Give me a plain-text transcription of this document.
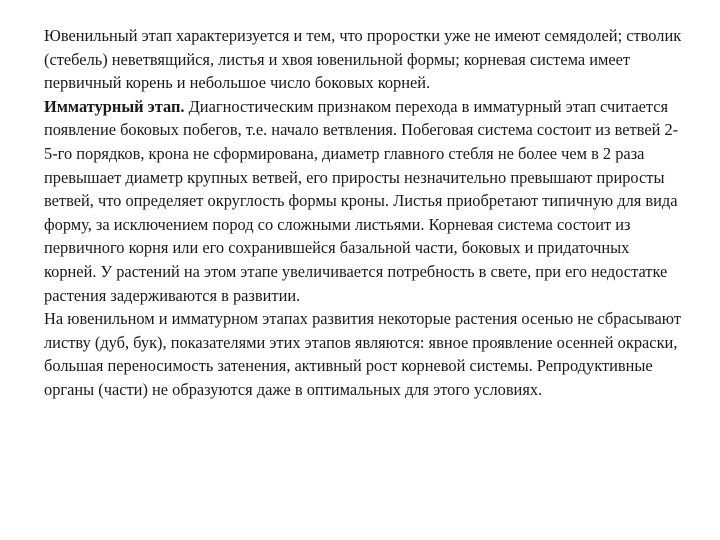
Ювенильный этап характеризуется и тем, что проростки уже не имеют семядолей; стволик (стебель) неветвящийся, листья и хвоя ювенильной формы; корневая система имеет первичный корень и небольшое число боковых корней.

Имматурный этап. Диагностическим признаком перехода в имматурный этап считается появление боковых побегов, т.е. начало ветвления. Побеговая система состоит из ветвей 2-5-го порядков, крона не сформирована, диаметр главного стебля не более чем в 2 раза превышает диаметр крупных ветвей, его приросты незначительно превышают приросты ветвей, что определяет округлость формы кроны. Листья приобретают типичную для вида форму, за исключением пород со сложными листьями. Корневая система состоит из первичного корня или его сохранившейся базальной части, боковых и придаточных корней. У растений на этом этапе увеличивается потребность в свете, при его недостатке растения задерживаются в развитии.

На ювенильном и имматурном этапах развития некоторые растения осенью не сбрасывают листву (дуб, бук), показателями этих этапов являются: явное проявление осенней окраски, большая переносимость затенения, активный рост корневой системы. Репродуктивные органы (части) не образуются даже в оптимальных для этого условиях.
